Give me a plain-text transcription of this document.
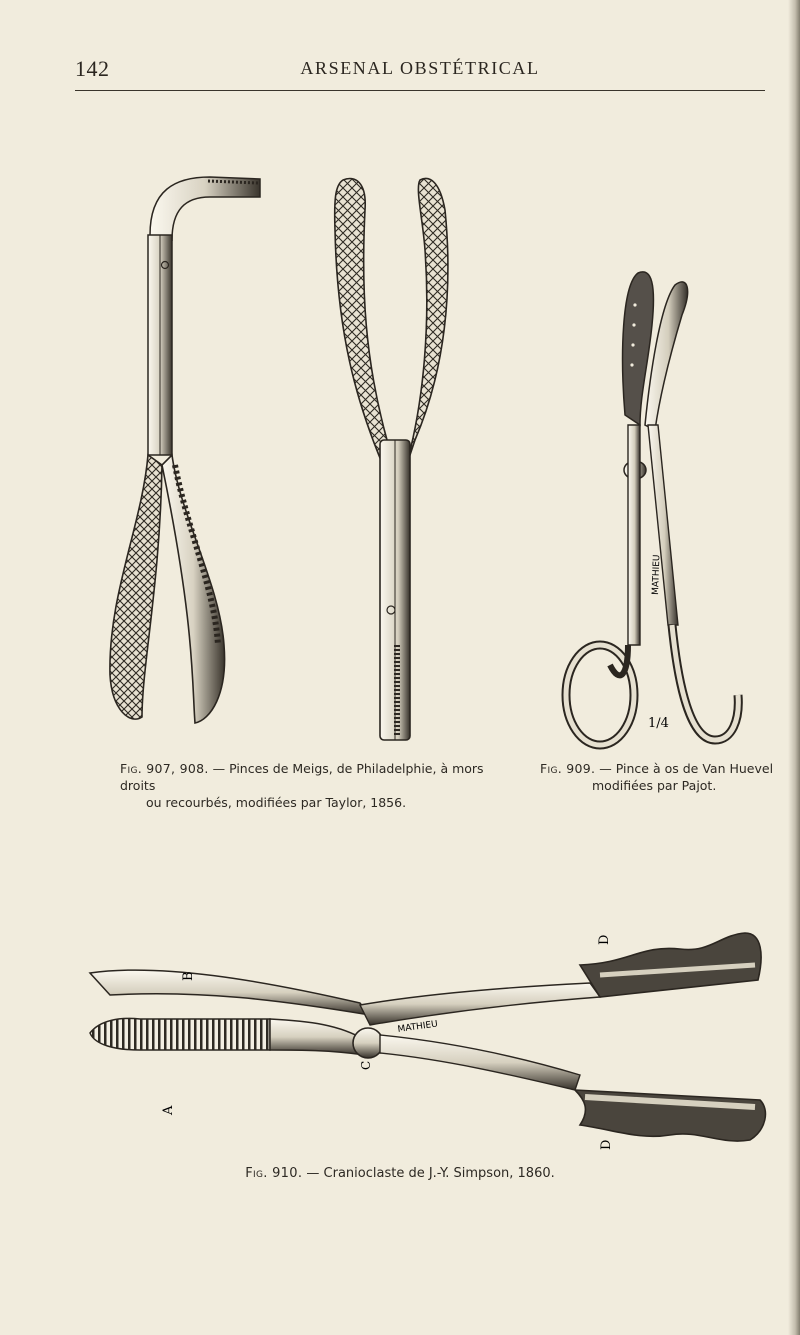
142	ARSENAL OBSTÉTRICAL
MATHIEU
1/4
Fig. 907, 908. — Pinces de Meigs, de Philadelphie, à mors droits
ou recourbés, modifiées par Taylor, 1856.
Fig. 909. — Pince à os de Van Huevel
modifiées par Pajot.
MATHIEU
D
B
A
C
D
Fig. 910. — Cranioclaste de J.-Y. Simpson, 1860.
